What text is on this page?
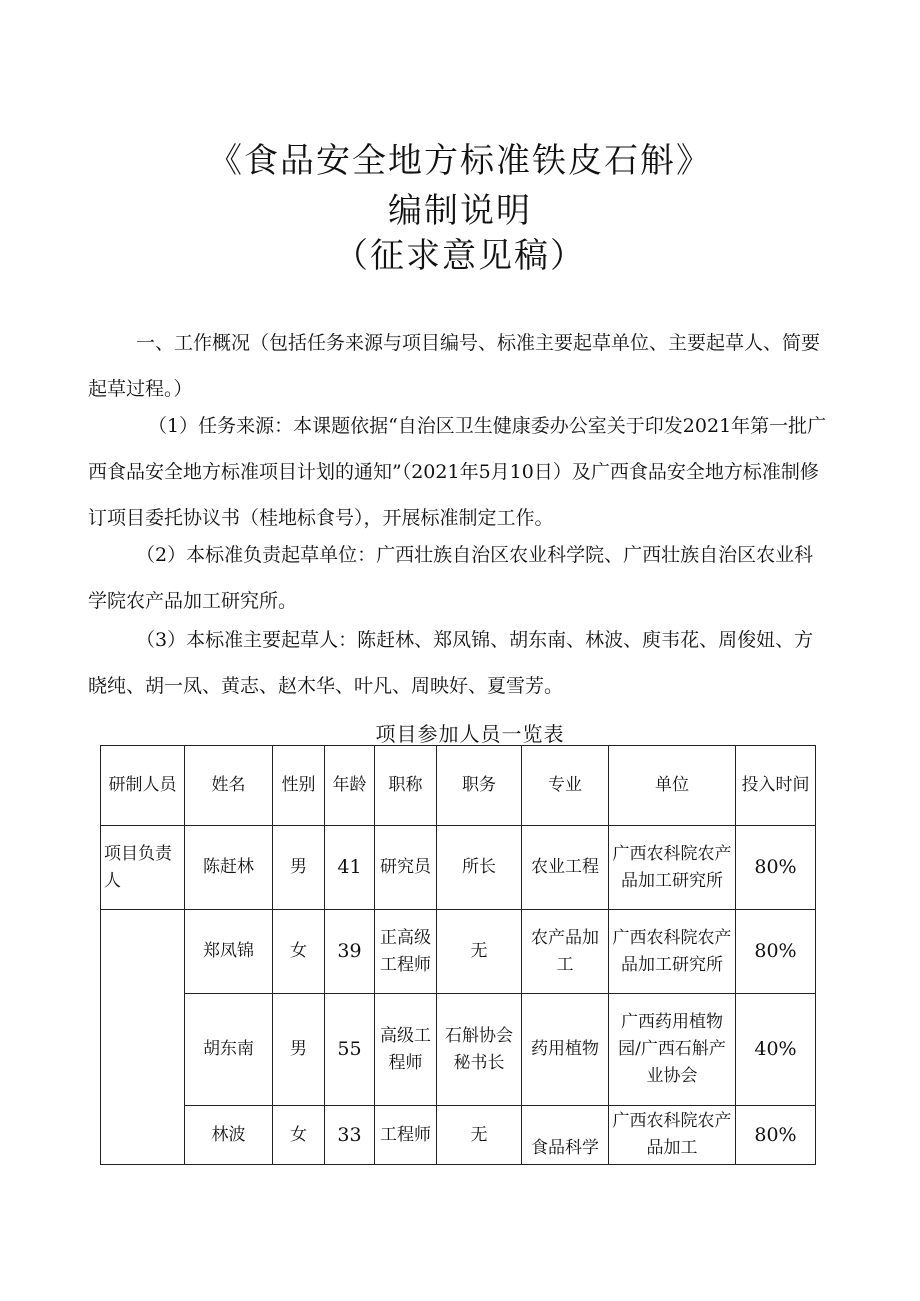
《食品安全地方标准铁皮石斛》
编制说明
（征求意见稿）
一、工作概况（包括任务来源与项目编号、标准主要起草单位、主要起草人、简要起草过程。）
（1）任务来源：本课题依据“自治区卫生健康委办公室关于印发2021年第一批广西食品安全地方标准项目计划的通知”（2021年5月10日）及广西食品安全地方标准制修订项目委托协议书（桂地标食号），开展标准制定工作。
（2）本标准负责起草单位：广西壮族自治区农业科学院、广西壮族自治区农业科学院农产品加工研究所。
（3）本标准主要起草人：陈赶林、郑凤锦、胡东南、林波、庾韦花、周俊妞、方晓纯、胡一凤、黄志、赵木华、叶凡、周映好、夏雪芳。
项目参加人员一览表
研制人员	姓名	性别	年龄	职称	职务	专业	单位	投入时间
项目负责人	陈赶林	男	41	研究员	所长	农业工程	广西农科院农产品加工研究所	80%
	郑凤锦	女	39	正高级工程师	无	农产品加工	广西农科院农产品加工研究所	80%
	胡东南	男	55	高级工程师	石斛协会秘书长	药用植物	广西药用植物园/广西石斛产业协会	40%
	林波	女	33	工程师	无	食品科学	广西农科院农产品加工	80%
